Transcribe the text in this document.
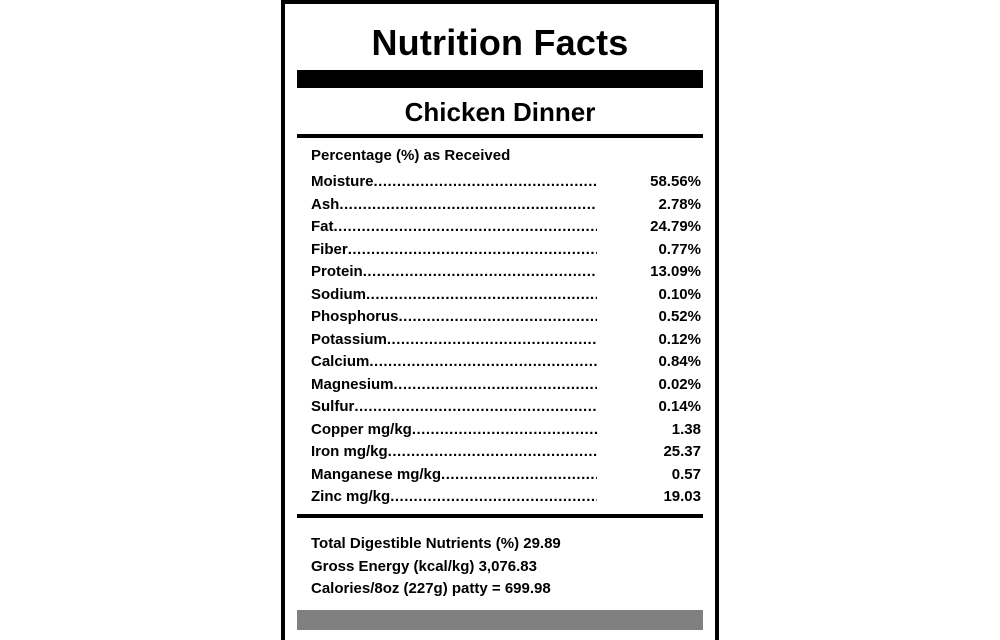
Nutrition Facts
Chicken Dinner
Percentage (%) as Received
Moisture .....	58.56%
Ash .....	2.78%
Fat .....	24.79%
Fiber .....	0.77%
Protein .....	13.09%
Sodium .....	0.10%
Phosphorus .....	0.52%
Potassium .....	0.12%
Calcium .....	0.84%
Magnesium .....	0.02%
Sulfur .....	0.14%
Copper mg/kg .....	1.38
Iron mg/kg .....	25.37
Manganese mg/kg .....	0.57
Zinc mg/kg .....	19.03
Total Digestible Nutrients (%) 29.89
Gross Energy (kcal/kg) 3,076.83
Calories/8oz (227g) patty = 699.98
